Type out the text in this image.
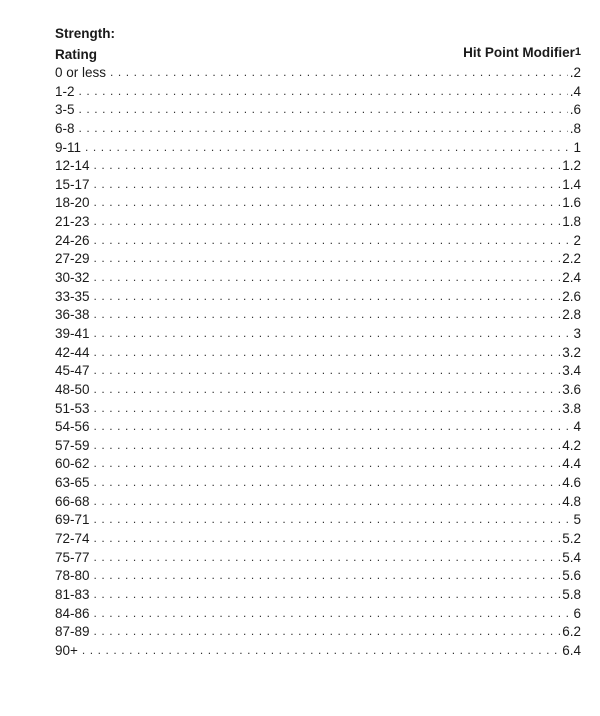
Strength:
Rating	Hit Point Modifier$^1$
0 or less . . .	.2
1-2 . . .	.4
3-5 . . .	.6
6-8 . . .	.8
9-11 . . .	1
12-14 . . .	1.2
15-17 . . .	1.4
18-20 . . .	1.6
21-23 . . .	1.8
24-26 . . .	2
27-29 . . .	2.2
30-32 . . .	2.4
33-35 . . .	2.6
36-38 . . .	2.8
39-41 . . .	3
42-44 . . .	3.2
45-47 . . .	3.4
48-50 . . .	3.6
51-53 . . .	3.8
54-56 . . .	4
57-59 . . .	4.2
60-62 . . .	4.4
63-65 . . .	4.6
66-68 . . .	4.8
69-71 . . .	5
72-74 . . .	5.2
75-77 . . .	5.4
78-80 . . .	5.6
81-83 . . .	5.8
84-86 . . .	6
87-89 . . .	6.2
90+ . . .	6.4
